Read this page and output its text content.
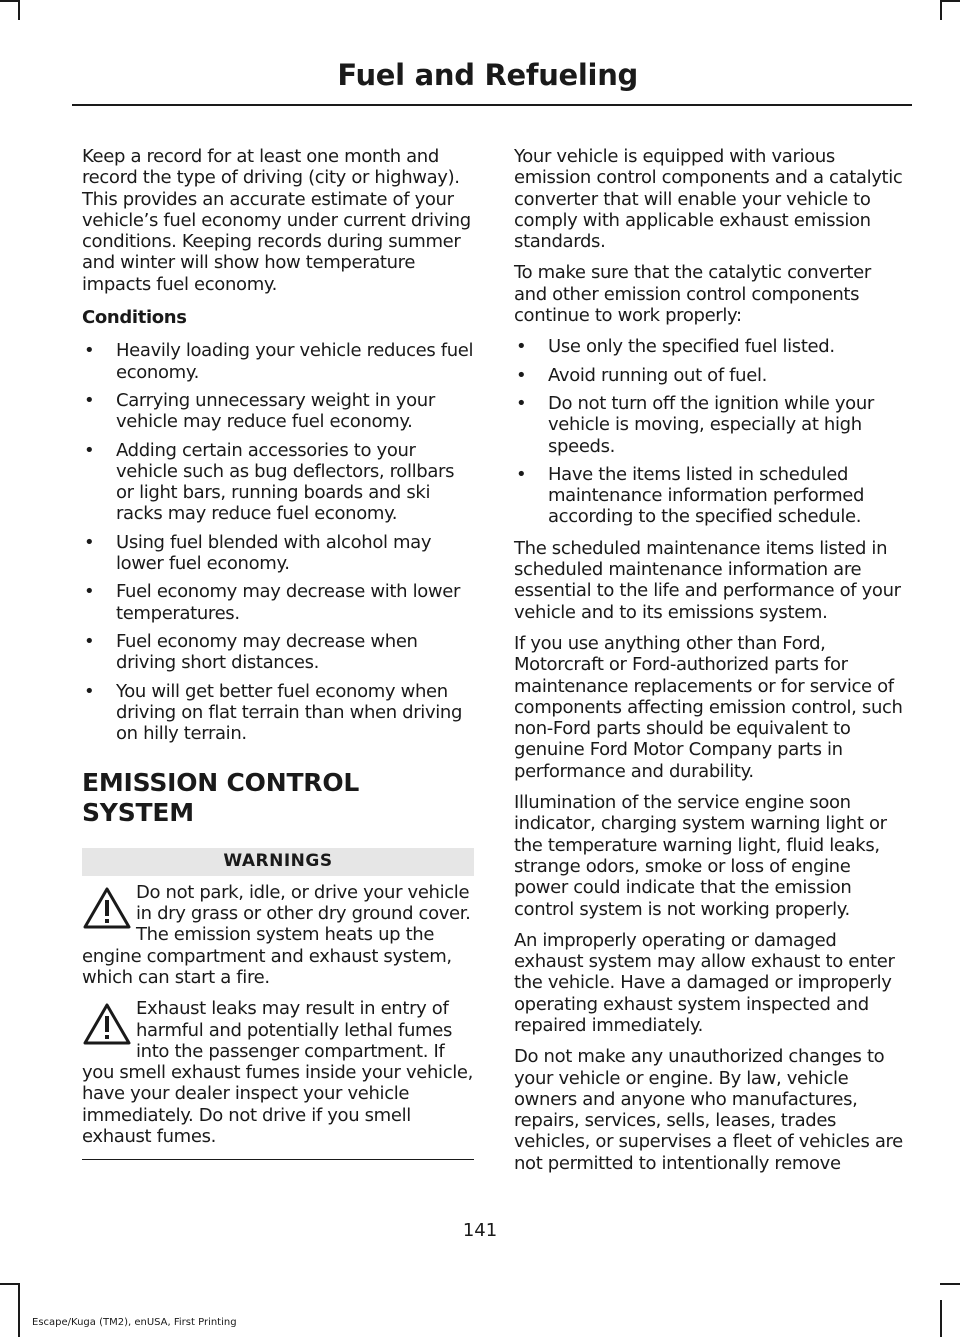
Fuel and Refueling

Keep a record for at least one month and record the type of driving (city or highway). This provides an accurate estimate of your vehicle’s fuel economy under current driving conditions. Keeping records during summer and winter will show how temperature impacts fuel economy.

Conditions
• Heavily loading your vehicle reduces fuel economy.
• Carrying unnecessary weight in your vehicle may reduce fuel economy.
• Adding certain accessories to your vehicle such as bug deflectors, rollbars or light bars, running boards and ski racks may reduce fuel economy.
• Using fuel blended with alcohol may lower fuel economy.
• Fuel economy may decrease with lower temperatures.
• Fuel economy may decrease when driving short distances.
• You will get better fuel economy when driving on flat terrain than when driving on hilly terrain.
EMISSION CONTROL SYSTEM
WARNINGS
Do not park, idle, or drive your vehicle in dry grass or other dry ground cover. The emission system heats up the engine compartment and exhaust system, which can start a fire.
Exhaust leaks may result in entry of harmful and potentially lethal fumes into the passenger compartment. If you smell exhaust fumes inside your vehicle, have your dealer inspect your vehicle immediately. Do not drive if you smell exhaust fumes.

Your vehicle is equipped with various emission control components and a catalytic converter that will enable your vehicle to comply with applicable exhaust emission standards.

To make sure that the catalytic converter and other emission control components continue to work properly:

• Use only the specified fuel listed.
• Avoid running out of fuel.
• Do not turn off the ignition while your vehicle is moving, especially at high speeds.
• Have the items listed in scheduled maintenance information performed according to the specified schedule.

The scheduled maintenance items listed in scheduled maintenance information are essential to the life and performance of your vehicle and to its emissions system.

If you use anything other than Ford, Motorcraft or Ford-authorized parts for maintenance replacements or for service of components affecting emission control, such non-Ford parts should be equivalent to genuine Ford Motor Company parts in performance and durability.

Illumination of the service engine soon indicator, charging system warning light or the temperature warning light, fluid leaks, strange odors, smoke or loss of engine power could indicate that the emission control system is not working properly.

An improperly operating or damaged exhaust system may allow exhaust to enter the vehicle. Have a damaged or improperly operating exhaust system inspected and repaired immediately.

Do not make any unauthorized changes to your vehicle or engine. By law, vehicle owners and anyone who manufactures, repairs, services, sells, leases, trades vehicles, or supervises a fleet of vehicles are not permitted to intentionally remove

141
Escape/Kuga (TM2), enUSA, First Printing
